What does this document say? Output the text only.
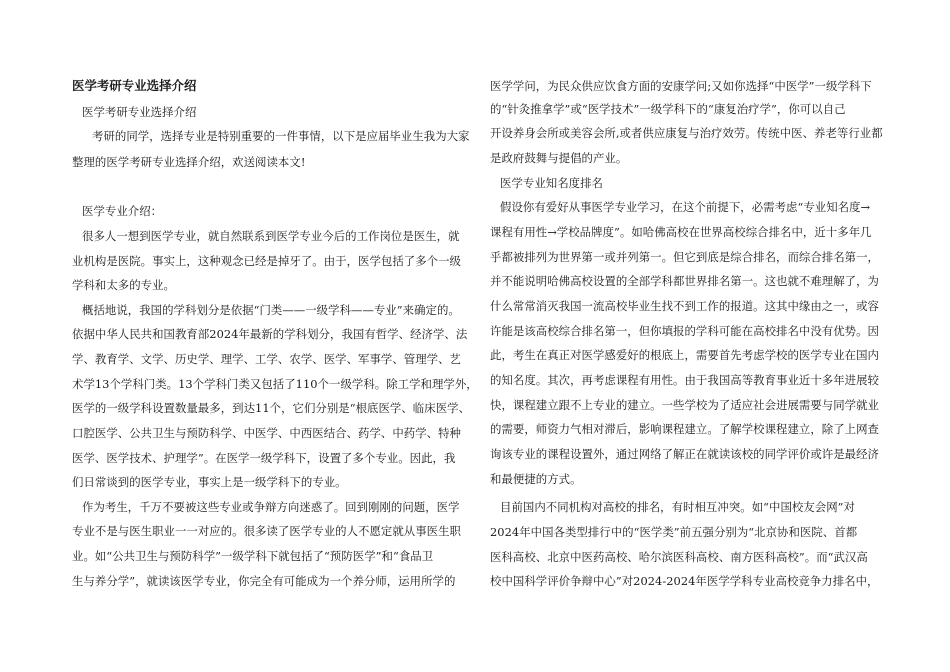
医学考研专业选择介绍
医学考研专业选择介绍
考研的同学，选择专业是特别重要的一件事情，以下是应届毕业生我为大家
整理的医学考研专业选择介绍，欢送阅读本文!
医学专业介绍：
很多人一想到医学专业，就自然联系到医学专业今后的工作岗位是医生，就
业机构是医院。事实上，这种观念已经是掉牙了。由于，医学包括了多个一级
学科和太多的专业。
概括地说，我国的学科划分是依据“门类——一级学科——专业”来确定的。
依据中华人民共和国教育部2024年最新的学科划分，我国有哲学、经济学、法
学、教育学、文学、历史学、理学、工学、农学、医学、军事学、管理学、艺
术学13个学科门类。13个学科门类又包括了110个一级学科。除工学和理学外，
医学的一级学科设置数量最多，到达11个，它们分别是“根底医学、临床医学、
口腔医学、公共卫生与预防科学、中医学、中西医结合、药学、中药学、特种
医学、医学技术、护理学”。在医学一级学科下，设置了多个专业。因此，我
们日常谈到的医学专业，事实上是一级学科下的专业。
作为考生，千万不要被这些专业或争辩方向迷惑了。回到刚刚的问题，医学
专业不是与医生职业一一对应的。很多读了医学专业的人不愿定就从事医生职
业。如“公共卫生与预防科学”一级学科下就包括了“预防医学”和“食品卫
生与养分学”，就读该医学专业，你完全有可能成为一个养分师，运用所学的
医学学问，为民众供应饮食方面的安康学问;又如你选择“中医学”一级学科下
的“针灸推拿学”或“医学技术”一级学科下的“康复治疗学”，你可以自己
开设养身会所或美容会所,或者供应康复与治疗效劳。传统中医、养老等行业都
是政府鼓舞与提倡的产业。
医学专业知名度排名
假设你有爱好从事医学专业学习，在这个前提下，必需考虑“专业知名度→
课程有用性→学校品牌度”。如哈佛高校在世界高校综合排名中，近十多年几
乎都被排列为世界第一或并列第一。但它到底是综合排名，而综合排名第一，
并不能说明哈佛高校设置的全部学科都世界排名第一。这也就不难理解了，为
什么常常消灭我国一流高校毕业生找不到工作的报道。这其中缘由之一，或容
许能是该高校综合排名第一，但你填报的学科可能在高校排名中没有优势。因
此，考生在真正对医学感爱好的根底上，需要首先考虑学校的医学专业在国内
的知名度。其次，再考虑课程有用性。由于我国高等教育事业近十多年进展较
快，课程建立跟不上专业的建立。一些学校为了适应社会进展需要与同学就业
的需要，师资力气相对滞后，影响课程建立。了解学校课程建立，除了上网查
询该专业的课程设置外，通过网络了解正在就读该校的同学评价或许是最经济
和最便捷的方式。
目前国内不同机构对高校的排名，有时相互冲突。如“中国校友会网”对
2024年中国各类型排行中的“医学类”前五强分别为“北京协和医院、首都
医科高校、北京中医药高校、哈尔滨医科高校、南方医科高校”。而“武汉高
校中国科学评价争辩中心”对2024-2024年医学学科专业高校竞争力排名中，
